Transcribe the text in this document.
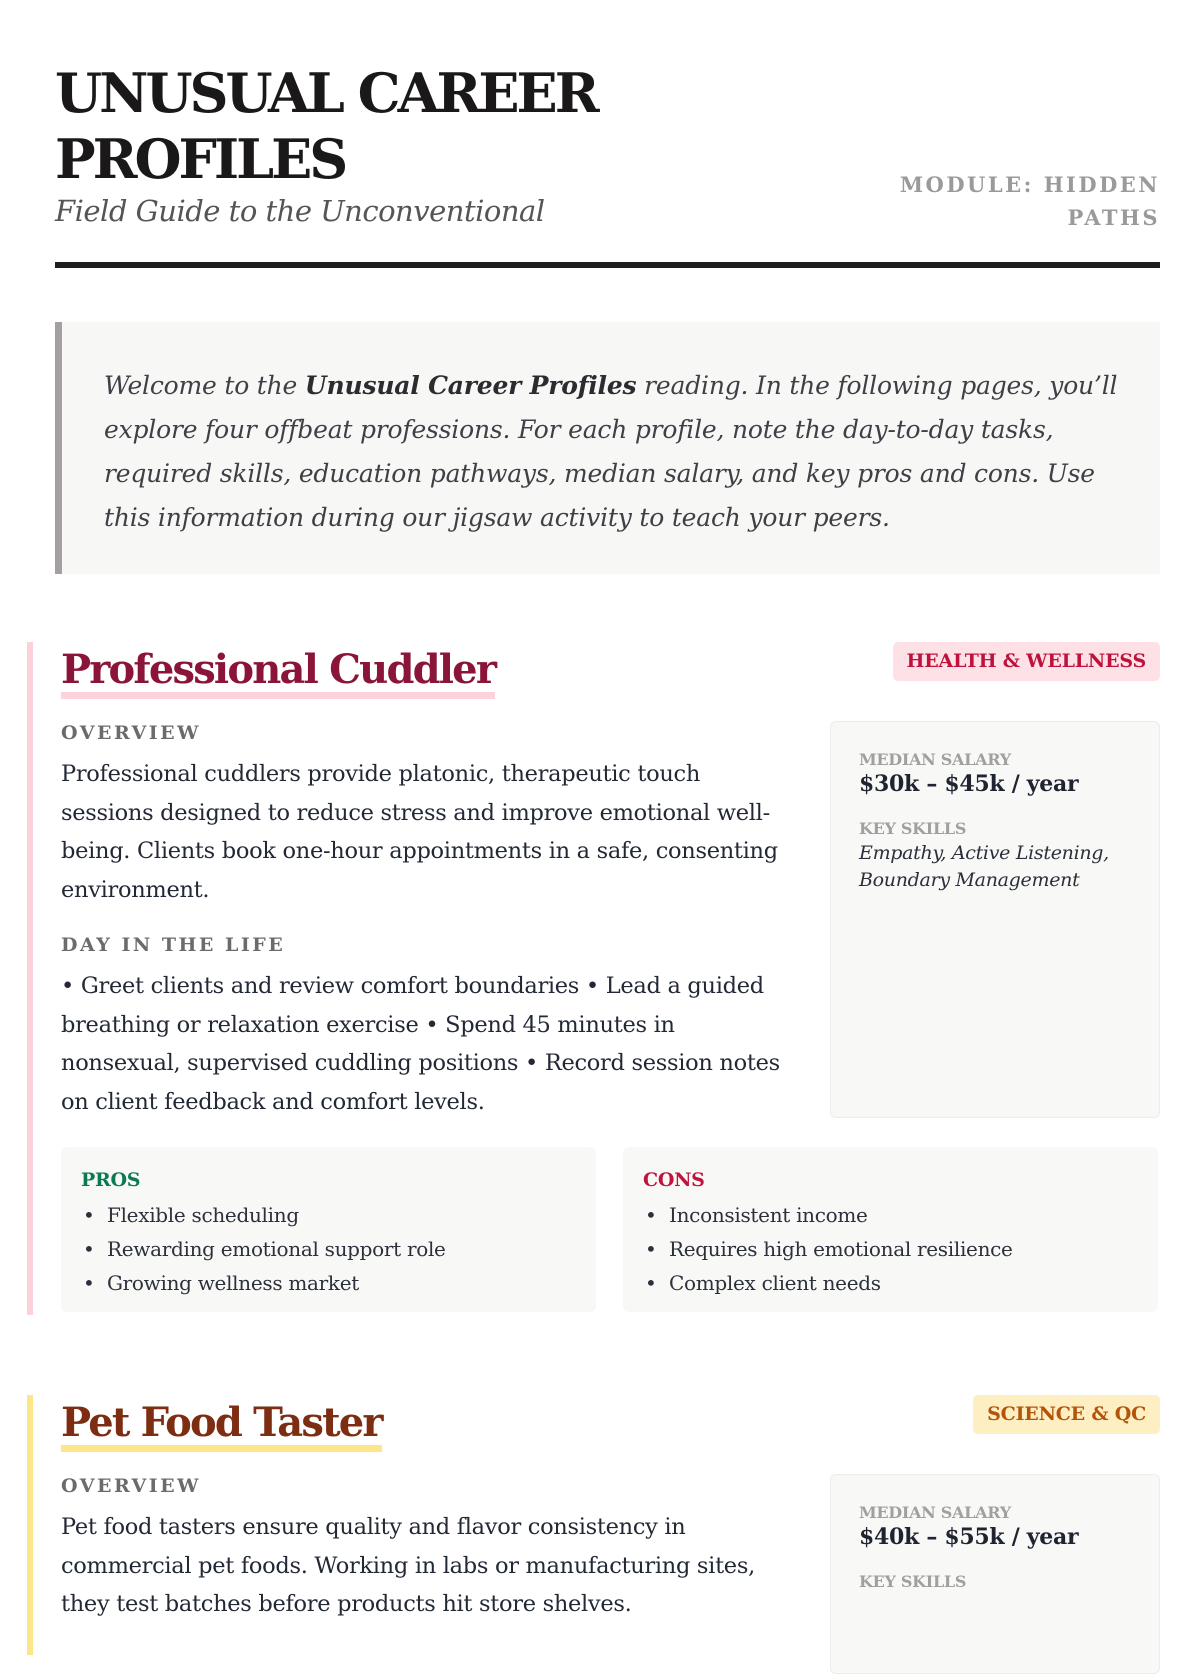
UNUSUAL CAREER PROFILES
Field Guide to the Unconventional
MODULE: HIDDEN PATHS

Welcome to the Unusual Career Profiles reading. In the following pages, you’ll explore four offbeat professions. For each profile, note the day-to-day tasks, required skills, education pathways, median salary, and key pros and cons. Use this information during our jigsaw activity to teach your peers.

Professional Cuddler	HEALTH & WELLNESS
OVERVIEW
Professional cuddlers provide platonic, therapeutic touch sessions designed to reduce stress and improve emotional well-being. Clients book one-hour appointments in a safe, consenting environment.
DAY IN THE LIFE
• Greet clients and review comfort boundaries • Lead a guided breathing or relaxation exercise • Spend 45 minutes in nonsexual, supervised cuddling positions • Record session notes on client feedback and comfort levels.
MEDIAN SALARY
$30k – $45k / year
KEY SKILLS
Empathy, Active Listening, Boundary Management
PROS
• Flexible scheduling
• Rewarding emotional support role
• Growing wellness market
CONS
• Inconsistent income
• Requires high emotional resilience
• Complex client needs
Pet Food Taster	SCIENCE & QC
OVERVIEW
Pet food tasters ensure quality and flavor consistency in commercial pet foods. Working in labs or manufacturing sites, they test batches before products hit store shelves.
MEDIAN SALARY
$40k – $55k / year
KEY SKILLS
